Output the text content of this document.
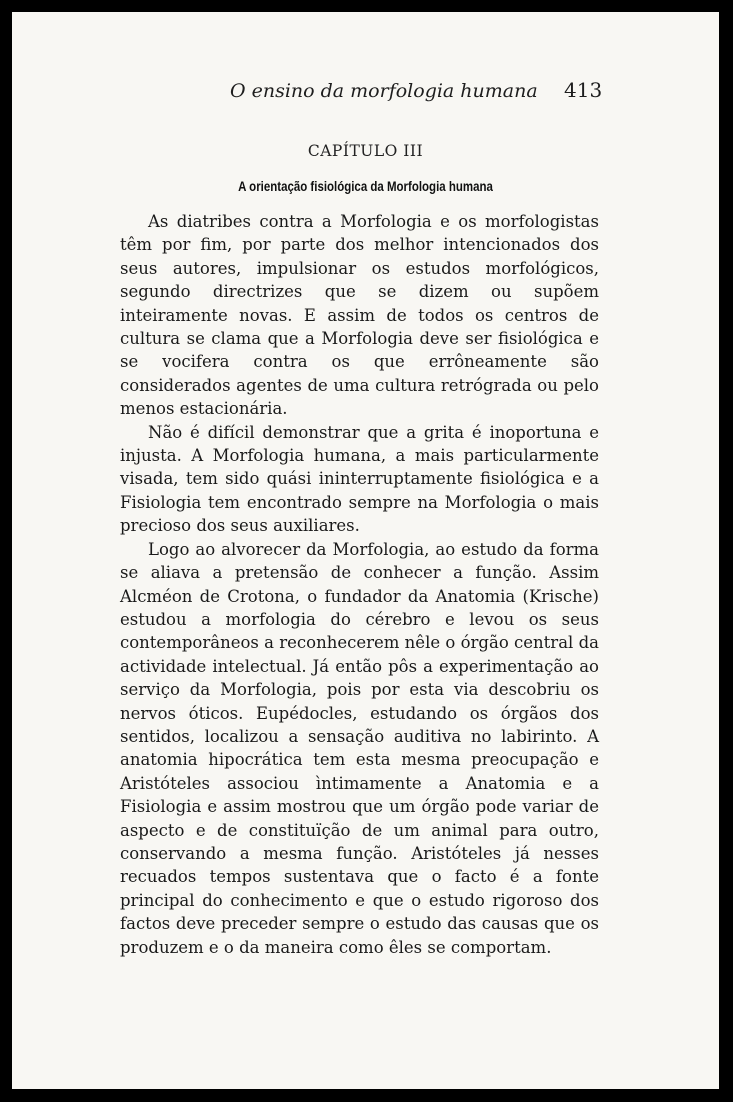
O ensino da morfologia humana 413
CAPÍTULO III
A orientação fisiológica da Morfologia humana

As diatribes contra a Morfologia e os morfologistas têm por fim, por parte dos melhor intencionados dos seus autores, impulsionar os estudos morfológicos, segundo directrizes que se dizem ou supõem inteiramente novas. E assim de todos os centros de cultura se clama que a Morfologia deve ser fisiológica e se vocifera contra os que errôneamente são considerados agentes de uma cultura retrógrada ou pelo menos estacionária.

Não é difícil demonstrar que a grita é inoportuna e injusta. A Morfologia humana, a mais particularmente visada, tem sido quási ininterruptamente fisiológica e a Fisiologia tem encontrado sempre na Morfologia o mais precioso dos seus auxiliares.

Logo ao alvorecer da Morfologia, ao estudo da forma se aliava a pretensão de conhecer a função. Assim Alcméon de Crotona, o fundador da Anatomia (Krische) estudou a morfologia do cérebro e levou os seus contemporâneos a reconhecerem nêle o órgão central da actividade intelectual. Já então pôs a experimentação ao serviço da Morfologia, pois por esta via descobriu os nervos óticos. Eupédocles, estudando os órgãos dos sentidos, localizou a sensação auditiva no labirinto. A anatomia hipocrática tem esta mesma preocupação e Aristóteles associou ìntimamente a Anatomia e a Fisiologia e assim mostrou que um órgão pode variar de aspecto e de constituïção de um animal para outro, conservando a mesma função. Aristóteles já nesses recuados tempos sustentava que o facto é a fonte principal do conhecimento e que o estudo rigoroso dos factos deve preceder sempre o estudo das causas que os produzem e o da maneira como êles se comportam.
